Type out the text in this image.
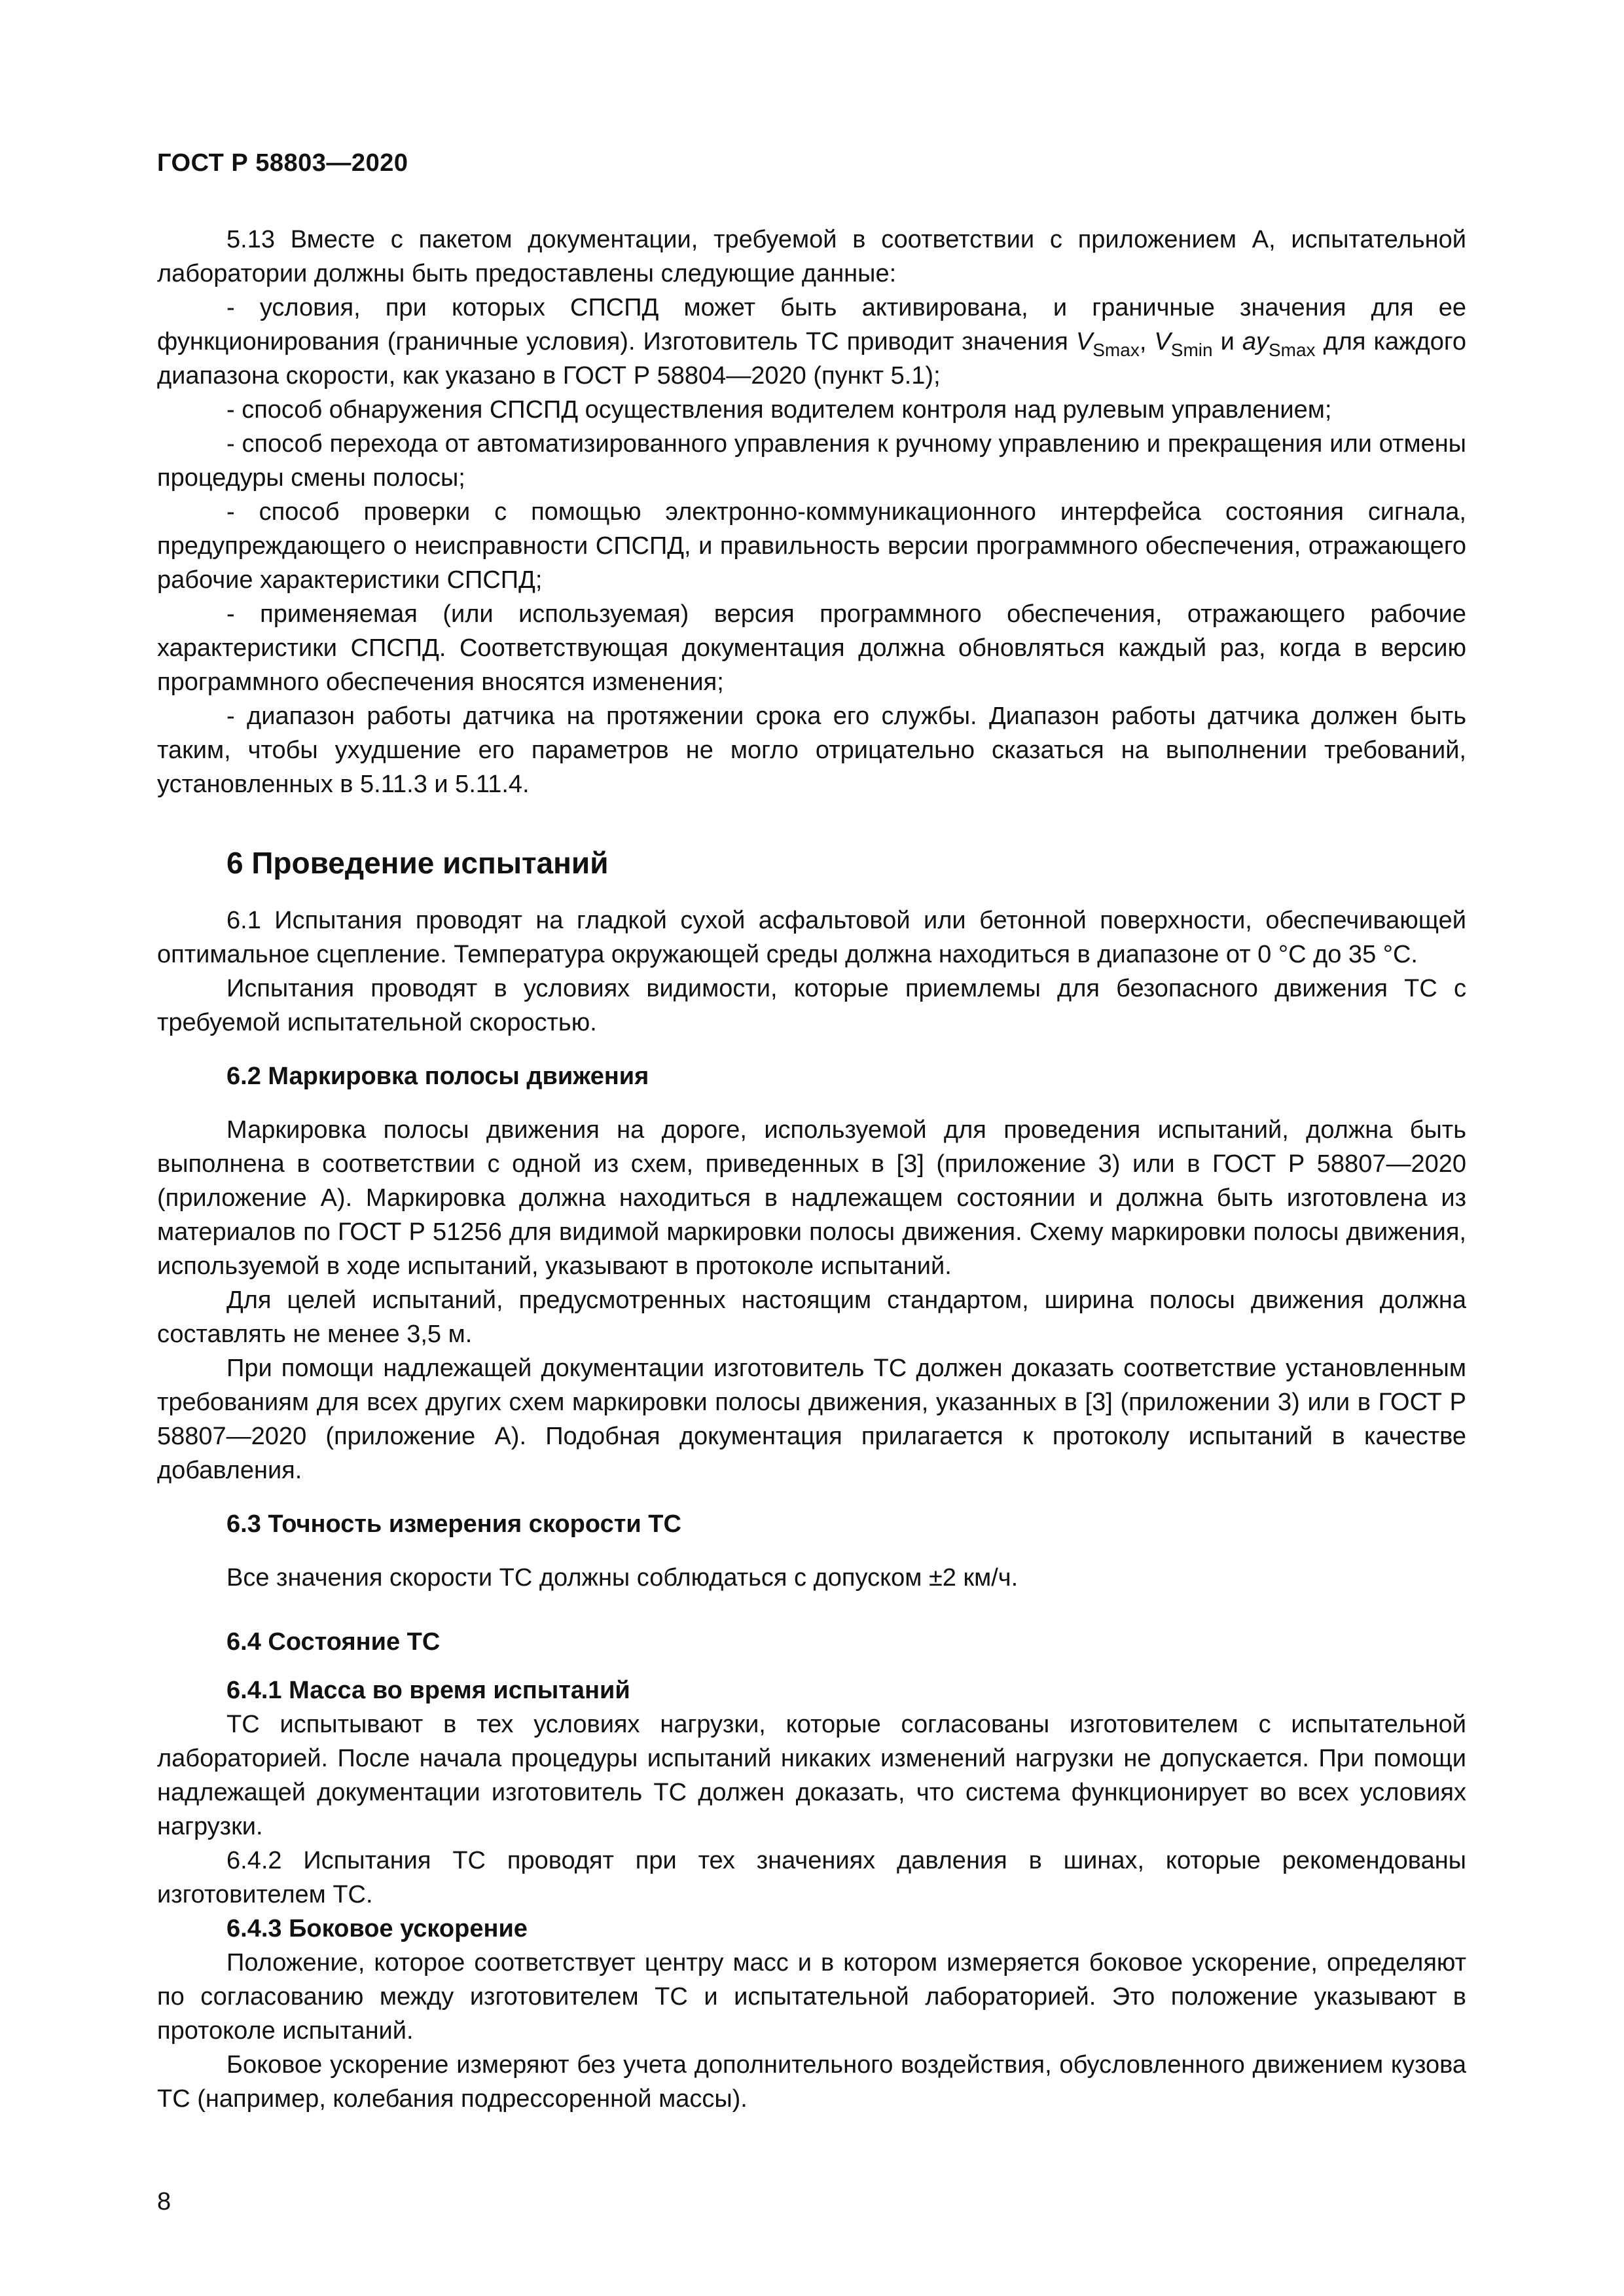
ГОСТ Р 58803—2020

5.13 Вместе с пакетом документации, требуемой в соответствии с приложением А, испытательной лаборатории должны быть предоставлены следующие данные:

- условия, при которых СПСПД может быть активирована, и граничные значения для ее функционирования (граничные условия). Изготовитель ТС приводит значения $V_{Smax}$, $V_{Smin}$ и $ay_{Smax}$ для каждого диапазона скорости, как указано в ГОСТ Р 58804—2020 (пункт 5.1);

- способ обнаружения СПСПД осуществления водителем контроля над рулевым управлением;

- способ перехода от автоматизированного управления к ручному управлению и прекращения или отмены процедуры смены полосы;

- способ проверки с помощью электронно-коммуникационного интерфейса состояния сигнала, предупреждающего о неисправности СПСПД, и правильность версии программного обеспечения, отражающего рабочие характеристики СПСПД;

- применяемая (или используемая) версия программного обеспечения, отражающего рабочие характеристики СПСПД. Соответствующая документация должна обновляться каждый раз, когда в версию программного обеспечения вносятся изменения;

- диапазон работы датчика на протяжении срока его службы. Диапазон работы датчика должен быть таким, чтобы ухудшение его параметров не могло отрицательно сказаться на выполнении требований, установленных в 5.11.3 и 5.11.4.

6 Проведение испытаний

6.1 Испытания проводят на гладкой сухой асфальтовой или бетонной поверхности, обеспечивающей оптимальное сцепление. Температура окружающей среды должна находиться в диапазоне от 0 °С до 35 °С.

Испытания проводят в условиях видимости, которые приемлемы для безопасного движения ТС с требуемой испытательной скоростью.

6.2 Маркировка полосы движения

Маркировка полосы движения на дороге, используемой для проведения испытаний, должна быть выполнена в соответствии с одной из схем, приведенных в [3] (приложение 3) или в ГОСТ Р 58807—2020 (приложение А). Маркировка должна находиться в надлежащем состоянии и должна быть изготовлена из материалов по ГОСТ Р 51256 для видимой маркировки полосы движения. Схему маркировки полосы движения, используемой в ходе испытаний, указывают в протоколе испытаний.

Для целей испытаний, предусмотренных настоящим стандартом, ширина полосы движения должна составлять не менее 3,5 м.

При помощи надлежащей документации изготовитель ТС должен доказать соответствие установленным требованиям для всех других схем маркировки полосы движения, указанных в [3] (приложении 3) или в ГОСТ Р 58807—2020 (приложение А). Подобная документация прилагается к протоколу испытаний в качестве добавления.

6.3 Точность измерения скорости ТС

Все значения скорости ТС должны соблюдаться с допуском ±2 км/ч.

6.4 Состояние ТС
6.4.1 Масса во время испытаний

ТС испытывают в тех условиях нагрузки, которые согласованы изготовителем с испытательной лабораторией. После начала процедуры испытаний никаких изменений нагрузки не допускается. При помощи надлежащей документации изготовитель ТС должен доказать, что система функционирует во всех условиях нагрузки.

6.4.2 Испытания ТС проводят при тех значениях давления в шинах, которые рекомендованы изготовителем ТС.

6.4.3 Боковое ускорение

Положение, которое соответствует центру масс и в котором измеряется боковое ускорение, определяют по согласованию между изготовителем ТС и испытательной лабораторией. Это положение указывают в протоколе испытаний.

Боковое ускорение измеряют без учета дополнительного воздействия, обусловленного движением кузова ТС (например, колебания подрессоренной массы).

8
